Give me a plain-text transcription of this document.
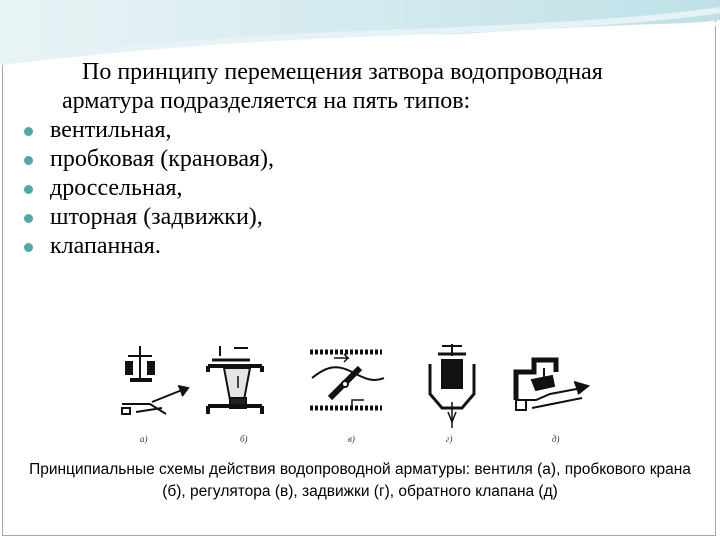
По принципу перемещения затвора водопроводная арматура подразделяется на пять типов:

вентильная,
пробковая (крановая),
дроссельная,
шторная (задвижки),
клапанная.
а)	б)	в)	г)	д)
Принципиальные схемы действия водопроводной арматуры: вентиля (а), пробкового крана (б), регулятора (в), задвижки (г), обратного клапана (д)
